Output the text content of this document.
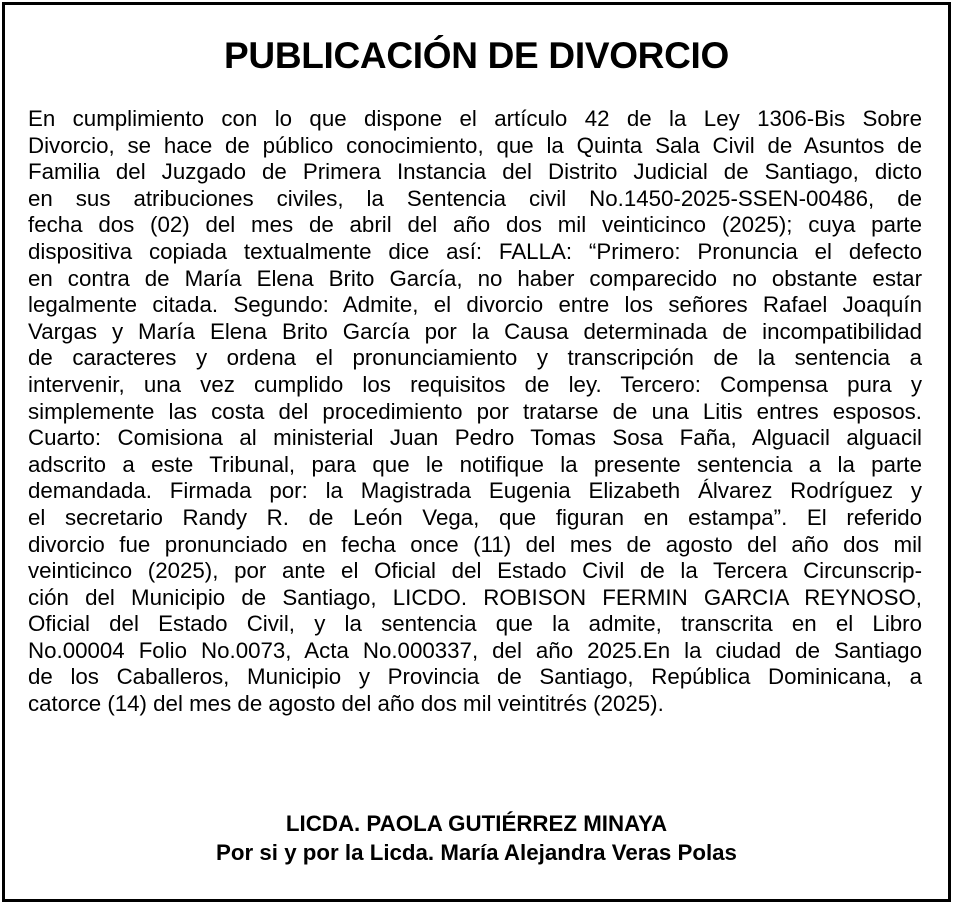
PUBLICACIÓN DE DIVORCIO
En cumplimiento con lo que dispone el artículo 42 de la Ley 1306-Bis Sobre
Divorcio, se hace de público conocimiento, que la Quinta Sala Civil de Asuntos de
Familia del Juzgado de Primera Instancia del Distrito Judicial de Santiago, dicto
en sus atribuciones civiles, la Sentencia civil No.1450-2025-SSEN-00486, de
fecha dos (02) del mes de abril del año dos mil veinticinco (2025); cuya parte
dispositiva copiada textualmente dice así: FALLA: “Primero: Pronuncia el defecto
en contra de María Elena Brito García, no haber comparecido no obstante estar
legalmente citada. Segundo: Admite, el divorcio entre los señores Rafael Joaquín
Vargas y María Elena Brito García por la Causa determinada de incompatibilidad
de caracteres y ordena el pronunciamiento y transcripción de la sentencia a
intervenir, una vez cumplido los requisitos de ley. Tercero: Compensa pura y
simplemente las costa del procedimiento por tratarse de una Litis entres esposos.
Cuarto: Comisiona al ministerial Juan Pedro Tomas Sosa Faña, Alguacil alguacil
adscrito a este Tribunal, para que le notifique la presente sentencia a la parte
demandada. Firmada por: la Magistrada Eugenia Elizabeth Álvarez Rodríguez y
el secretario Randy R. de León Vega, que figuran en estampa”. El referido
divorcio fue pronunciado en fecha once (11) del mes de agosto del año dos mil
veinticinco (2025), por ante el Oficial del Estado Civil de la Tercera Circunscrip-
ción del Municipio de Santiago, LICDO. ROBISON FERMIN GARCIA REYNOSO,
Oficial del Estado Civil, y la sentencia que la admite, transcrita en el Libro
No.00004 Folio No.0073, Acta No.000337, del año 2025.En la ciudad de Santiago
de los Caballeros, Municipio y Provincia de Santiago, República Dominicana, a
catorce (14) del mes de agosto del año dos mil veintitrés (2025).
LICDA. PAOLA GUTIÉRREZ MINAYA
Por si y por la Licda. María Alejandra Veras Polas
